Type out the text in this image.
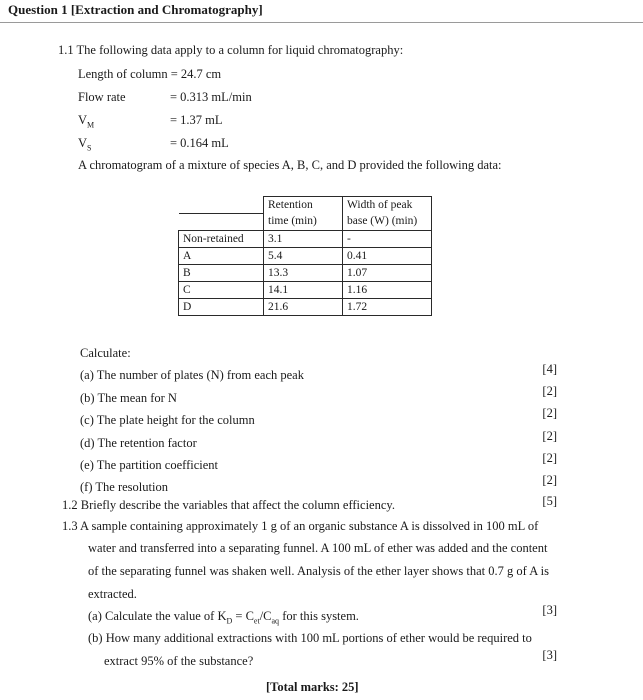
Question 1 [Extraction and Chromatography]
1.1 The following data apply to a column for liquid chromatography:
Length of column = 24.7 cm
Flow rate	= 0.313 mL/min
$V_M$	= 1.37 mL
$V_S$	= 0.164 mL
A chromatogram of a mixture of species A, B, C, and D provided the following data:
	Retention	Width of peak
	time (min)	base (W) (min)
Non-retained	3.1	-
A	5.4	0.41
B	13.3	1.07
C	14.1	1.16
D	21.6	1.72
Calculate:
(a) The number of plates (N) from each peak	[4]
(b) The mean for N	[2]
(c) The plate height for the column	[2]
(d) The retention factor	[2]
(e) The partition coefficient	[2]
(f) The resolution	[2]
1.2 Briefly describe the variables that affect the column efficiency.	[5]
1.3 A sample containing approximately 1 g of an organic substance A is dissolved in 100 mL of
water and transferred into a separating funnel. A 100 mL of ether was added and the content
of the separating funnel was shaken well. Analysis of the ether layer shows that 0.7 g of A is
extracted.
(a) Calculate the value of $K_D = C_{et}/C_{aq}$ for this system.	[3]
(b) How many additional extractions with 100 mL portions of ether would be required to
extract 95% of the substance?	[3]
[Total marks: 25]
